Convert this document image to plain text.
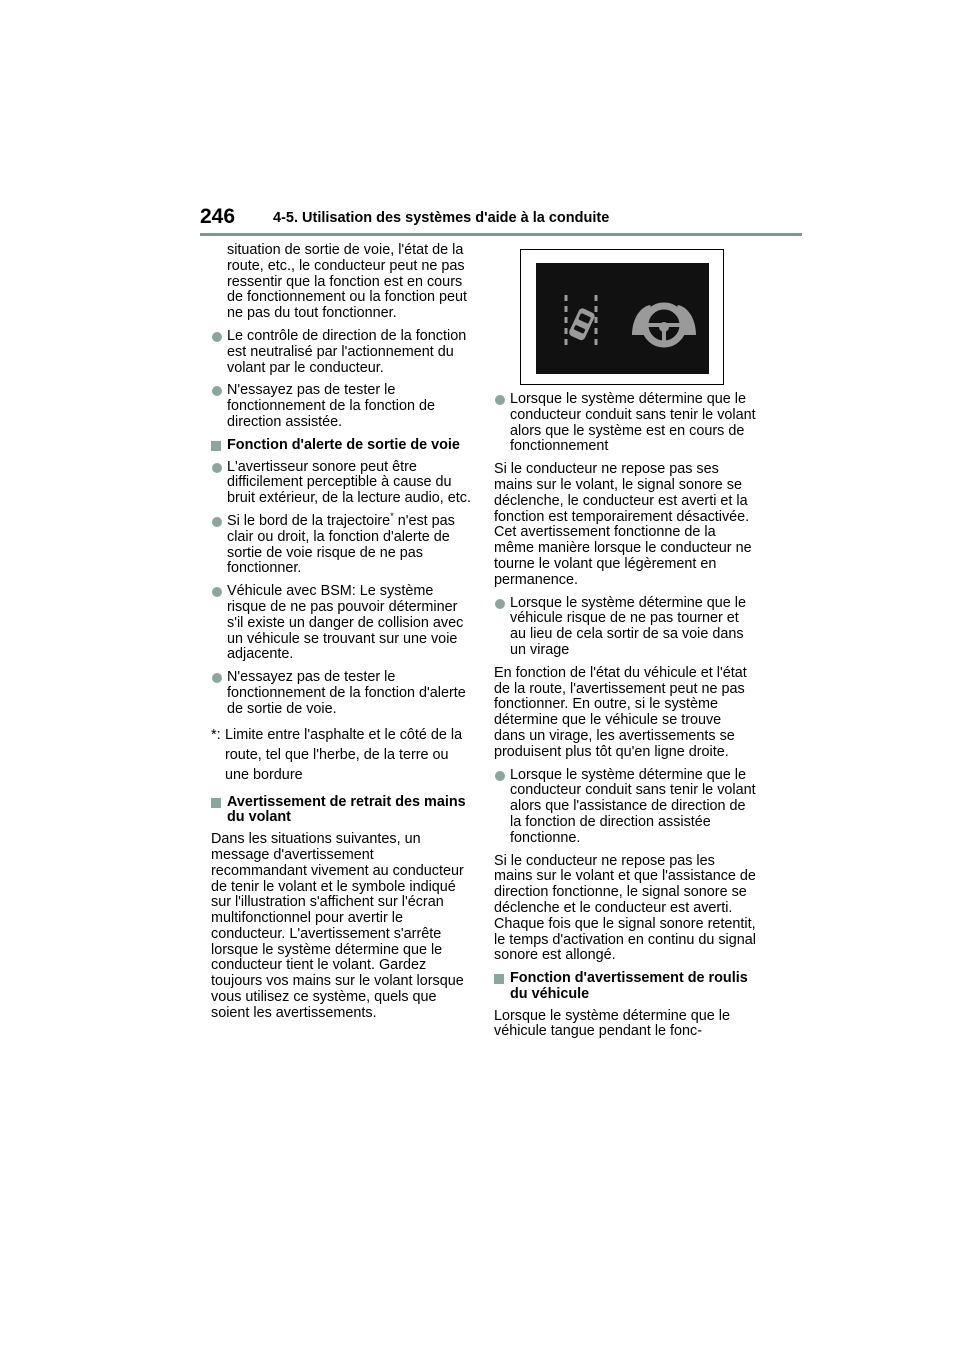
246	4-5. Utilisation des systèmes d'aide à la conduite
situation de sortie de voie, l'état de la route, etc., le conducteur peut ne pas ressentir que la fonction est en cours de fonctionnement ou la fonction peut ne pas du tout fonctionner.
Le contrôle de direction de la fonction est neutralisé par l'actionnement du volant par le conducteur.
N'essayez pas de tester le fonctionnement de la fonction de direction assistée.
Fonction d'alerte de sortie de voie
L'avertisseur sonore peut être difficilement perceptible à cause du bruit extérieur, de la lecture audio, etc.
Si le bord de la trajectoire* n'est pas clair ou droit, la fonction d'alerte de sortie de voie risque de ne pas fonctionner.
Véhicule avec BSM: Le système risque de ne pas pouvoir déterminer s'il existe un danger de collision avec un véhicule se trouvant sur une voie adjacente.
N'essayez pas de tester le fonctionnement de la fonction d'alerte de sortie de voie.
*: Limite entre l'asphalte et le côté de la route, tel que l'herbe, de la terre ou une bordure
Avertissement de retrait des mains du volant
Dans les situations suivantes, un message d'avertissement recommandant vivement au conducteur de tenir le volant et le symbole indiqué sur l'illustration s'affichent sur l'écran multifonctionnel pour avertir le conducteur. L'avertissement s'arrête lorsque le système détermine que le conducteur tient le volant. Gardez toujours vos mains sur le volant lorsque vous utilisez ce système, quels que soient les avertissements.
Lorsque le système détermine que le conducteur conduit sans tenir le volant alors que le système est en cours de fonctionnement
Si le conducteur ne repose pas ses mains sur le volant, le signal sonore se déclenche, le conducteur est averti et la fonction est temporairement désactivée. Cet avertissement fonctionne de la même manière lorsque le conducteur ne tourne le volant que légèrement en permanence.
Lorsque le système détermine que le véhicule risque de ne pas tourner et au lieu de cela sortir de sa voie dans un virage
En fonction de l'état du véhicule et l'état de la route, l'avertissement peut ne pas fonctionner. En outre, si le système détermine que le véhicule se trouve dans un virage, les avertissements se produisent plus tôt qu'en ligne droite.
Lorsque le système détermine que le conducteur conduit sans tenir le volant alors que l'assistance de direction de la fonction de direction assistée fonctionne.
Si le conducteur ne repose pas les mains sur le volant et que l'assistance de direction fonctionne, le signal sonore se déclenche et le conducteur est averti. Chaque fois que le signal sonore retentit, le temps d'activation en continu du signal sonore est allongé.
Fonction d'avertissement de roulis du véhicule
Lorsque le système détermine que le véhicule tangue pendant le fonc-
